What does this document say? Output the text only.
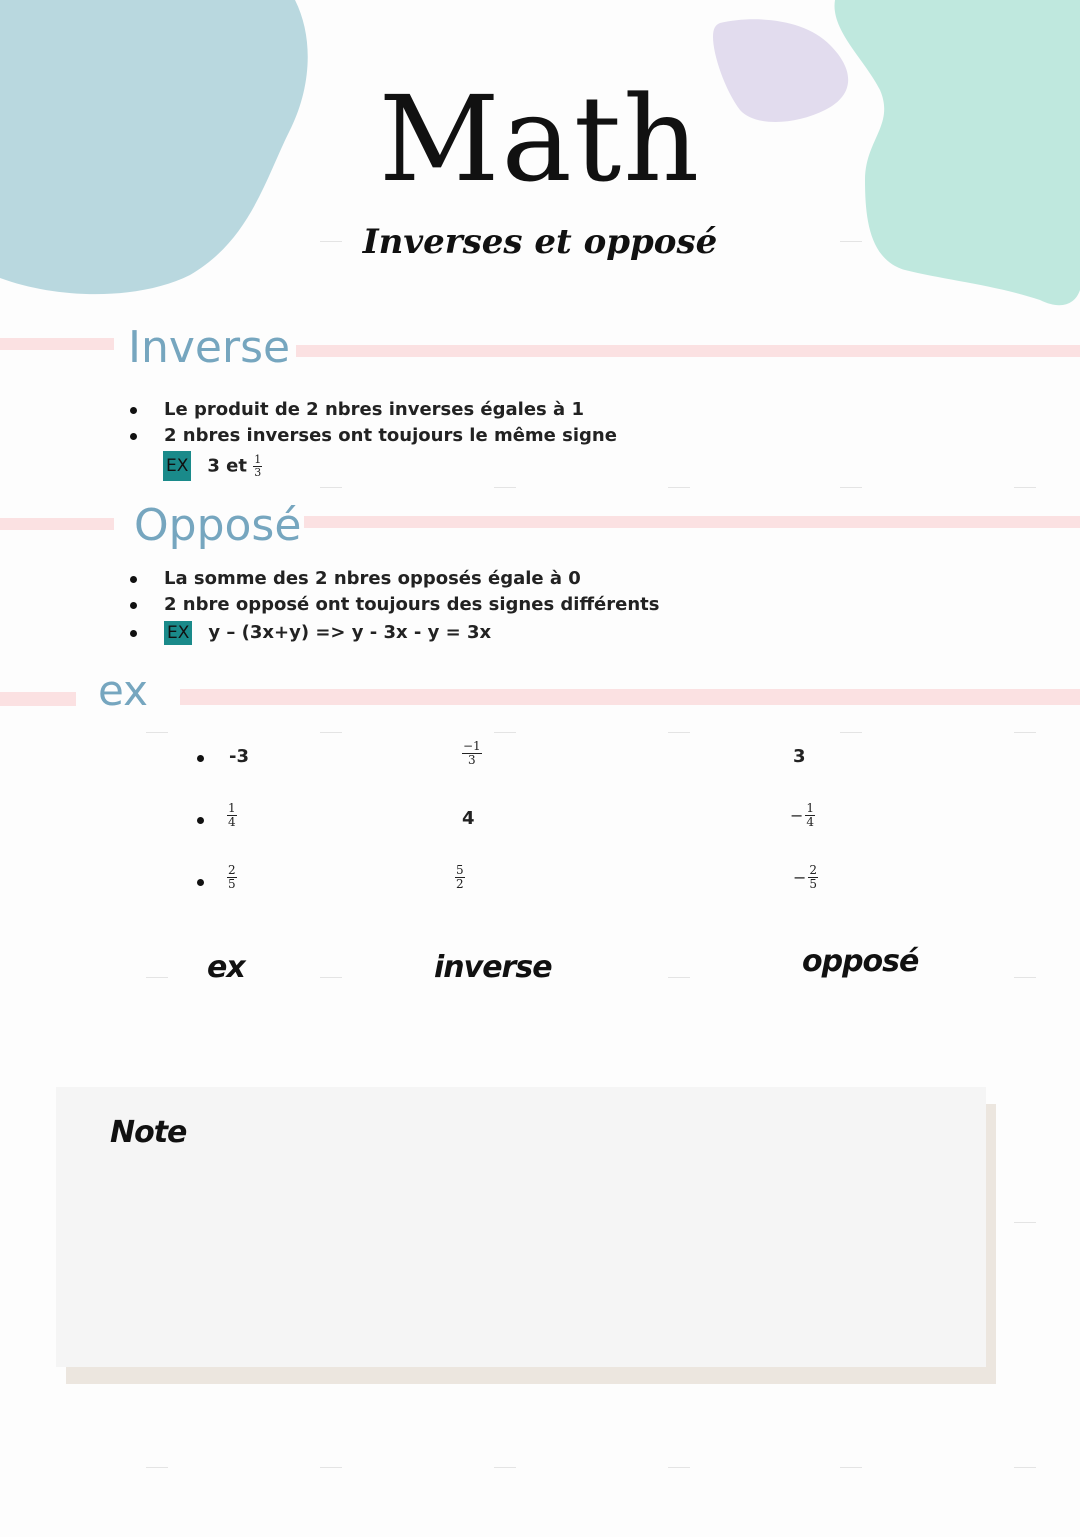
Math
Inverses et opposé
Inverse
Le produit de 2 nbres inverses égales à 1
2 nbres inverses ont toujours le même signe
EX 3 et $\frac{1}{3}$
Opposé
La somme des 2 nbres opposés égale à 0
2 nbre opposé ont toujours des signes différents
EX y – (3x+y) => y - 3x - y = 3x
ex
-3	$\frac{-1}{3}$	3
$\frac{1}{4}$	4	− $\frac{1}{4}$
$\frac{2}{5}$	$\frac{5}{2}$	− $\frac{2}{5}$
ex	inverse	opposé
Note
